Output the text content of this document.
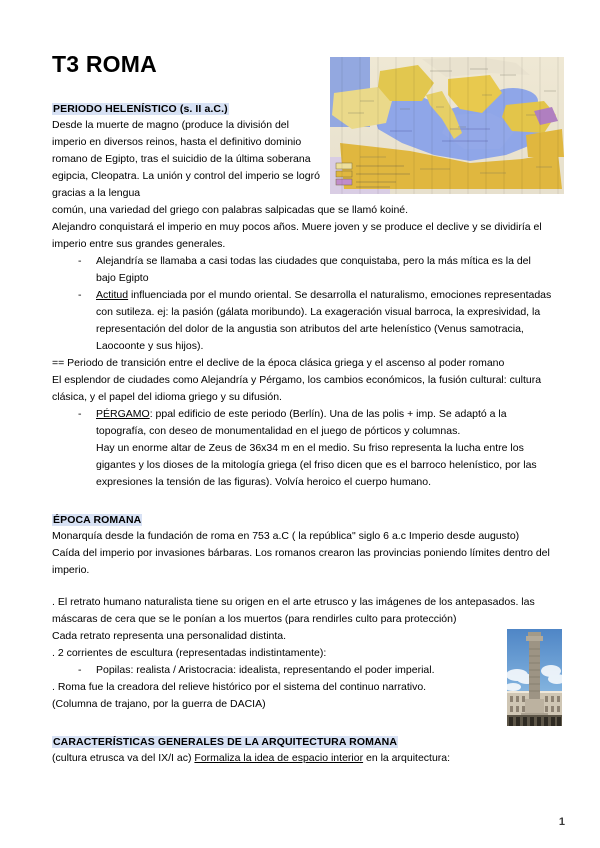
T3 ROMA
PERIODO HELENÍSTICO (s. II a.C.)

Desde la muerte de magno (produce la división del imperio en diversos reinos, hasta el definitivo dominio romano de Egipto, tras el suicidio de la última soberana egipcia, Cleopatra. La unión y control del imperio se logró gracias a la lengua

común, una variedad del griego con palabras salpicadas que se llamó koiné.

Alejandro conquistará el imperio en muy pocos años. Muere joven y se produce el declive y se dividiría el imperio entre sus grandes generales.

- Alejandría se llamaba a casi todas las ciudades que conquistaba, pero la más mítica es la del bajo Egipto
- Actitud influenciada por el mundo oriental. Se desarrolla el naturalismo, emociones representadas con sutileza. ej: la pasión (gálata moribundo). La exageración visual barroca, la expresividad, la representación del dolor de la angustia son atributos del arte helenístico (Venus samotracia, Laocoonte y sus hijos).

== Periodo de transición entre el declive de la época clásica griega y el ascenso al poder romano

El esplendor de ciudades como Alejandría y Pérgamo, los cambios económicos, la fusión cultural: cultura clásica, y el papel del idioma griego y su difusión.

- PÉRGAMO: ppal edificio de este periodo (Berlín). Una de las polis + imp. Se adaptó a la topografía, con deseo de monumentalidad en el juego de pórticos y columnas.
Hay un enorme altar de Zeus de 36x34 m en el medio. Su friso representa la lucha entre los gigantes y los dioses de la mitología griega (el friso dicen que es el barroco helenístico, por las expresiones la tensión de las figuras). Volvía heroico el cuerpo humano.
ÉPOCA ROMANA

Monarquía desde la fundación de roma en 753 a.C ( la república" siglo 6 a.c Imperio desde augusto)

Caída del imperio por invasiones bárbaras. Los romanos crearon las provincias poniendo límites dentro del imperio.

. El retrato humano naturalista tiene su origen en el arte etrusco y las imágenes de los antepasados. las máscaras de cera que se le ponían a los muertos (para rendirles culto para protección)

Cada retrato representa una personalidad distinta.

. 2 corrientes de escultura (representadas indistintamente):

- Popilas: realista / Aristocracia: idealista, representando el poder imperial.

. Roma fue la creadora del relieve histórico por el sistema del continuo narrativo.

(Columna de trajano, por la guerra de DACIA)

CARACTERÍSTICAS GENERALES DE LA ARQUITECTURA ROMANA

(cultura etrusca va del IX/I ac) Formaliza la idea de espacio interior en la arquitectura:

1
